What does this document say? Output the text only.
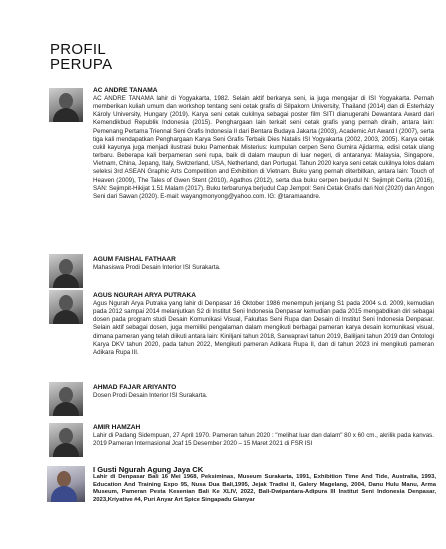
PROFIL
PERUPA
AC ANDRE TANAMA
AC ANDRE TANAMA lahir di Yogyakarta, 1982. Selain aktif berkarya seni, ia juga mengajar di ISI Yogyakarta. Pernah memberikan kuliah umum dan workshop tentang seni cetak grafis di Silpakorn University, Thailand (2014) dan di Esterházy Károly University, Hungary (2019). Karya seni cetak cukilnya sebagai poster film SITI dianugerahi Dewantara Award dari Kemendikbud Republik Indonesia (2015). Penghargaan lain terkait seni cetak grafis yang pernah diraih, antara lain: Pemenang Pertama Triennal Seni Grafis Indonesia II dari Bentara Budaya Jakarta (2003), Academic Art Award I (2007), serta tiga kali mendapatkan Penghargaan Karya Seni Grafis Terbaik Dies Natalis ISI Yogyakarta (2002, 2003, 2005). Karya cetak cukil kayunya juga menjadi ilustrasi buku Pamenbak Misterius: kumpulan cerpen Seno Gumira Ajidarma, edisi cetak ulang terbaru. Beberapa kali berpameran seni rupa, baik di dalam maupun di luar negeri, di antaranya: Malaysia, Singapore, Vietnam, China, Jepang, Italy, Switzerland, USA, Netherland, dan Portugal. Tahun 2020 karya seni cetak cukilnya lolos dalam seleksi 3rd ASEAN Graphic Arts Competition and Exhibition di Vietnam. Buku yang pernah diterbitkan, antara lain: Touch of Heaven (2009), The Tales of Gwen Stent (2010), Agathos (2012), serta dua buku cerpen berjudul N: Sejimpit Cerita (2016), SAN: Sejimpit-Hikijat 1.51 Malam (2017). Buku terbarunya berjudul Cap Jempol: Seni Cetak Grafis dari Nol (2020) dan Angon Seni dari Sawan (2020). E-mail: wayangmonyong@yahoo.com. IG: @taramaandre.
AGUM FAISHAL FATHAAR
Mahasiswa Prodi Desain Interior ISI Surakarta.
AGUS NGURAH ARYA PUTRAKA
Agus Ngurah Arya Putraka yang lahir di Denpasar 16 Oktober 1986 menempuh jenjang S1 pada 2004 s.d. 2009, kemudian pada 2012 sampai 2014 melanjutkan S2 di Institut Seni Indonesia Denpasar kemudian pada 2015 mengabdikan diri sebagai dosen pada program studi Desain Komunikasi Visual, Fakultas Seni Rupa dan Desain di Institut Seni Indonesia Denpasar. Selain aktif sebagai dosen, juga memiliki pengalaman dalam mengikuti berbagai pameran karya desain komunikasi visual, dimana pameran yang telah diikuti antara lain: Kiniljani tahun 2018, Sarwapravi tahun 2019, Baliljani tahun 2019 dan Ontologi Karya DKV tahun 2020, pada tahun 2022, Mengikuti pameran Adikara Rupa II, dan di tahun 2023 ini mengikuti pameran Adikara Rupa III.
AHMAD FAJAR ARIYANTO
Dosen Prodi Desain Interior ISI Surakarta.
AMIR HAMZAH
Lahir di Padang Sidempuan, 27 April 1970. Pameran tahun 2020 : "melihat luar dan dalam" 80 x 60 cm., akrilik pada kanvas. 2019 Pameran Internasional Jcaf 15 Desember 2020 – 15 Maret 2021 di FSR ISI
I Gusti Ngurah Agung Jaya CK
Lahir di Denpasar Bali 16 Mei 1968, Peksiminas, Museum Surakarta, 1991, Exhibition Time And Tide, Australia, 1993, Education And Training Expo 95, Nusa Dua Bali,1995, Jejak Tradisi II, Galery Magelang, 2004, Danu Hulu Manu, Arma Museum, Pameran Pesta Kesenian Bali Ke XLIV, 2022, Bali-Dwipantara-Adipura III Institut Seni Indonesia Denpasar, 2023,Kriyative #4, Puri Anyar Art Spice Singapadu Gianyar
